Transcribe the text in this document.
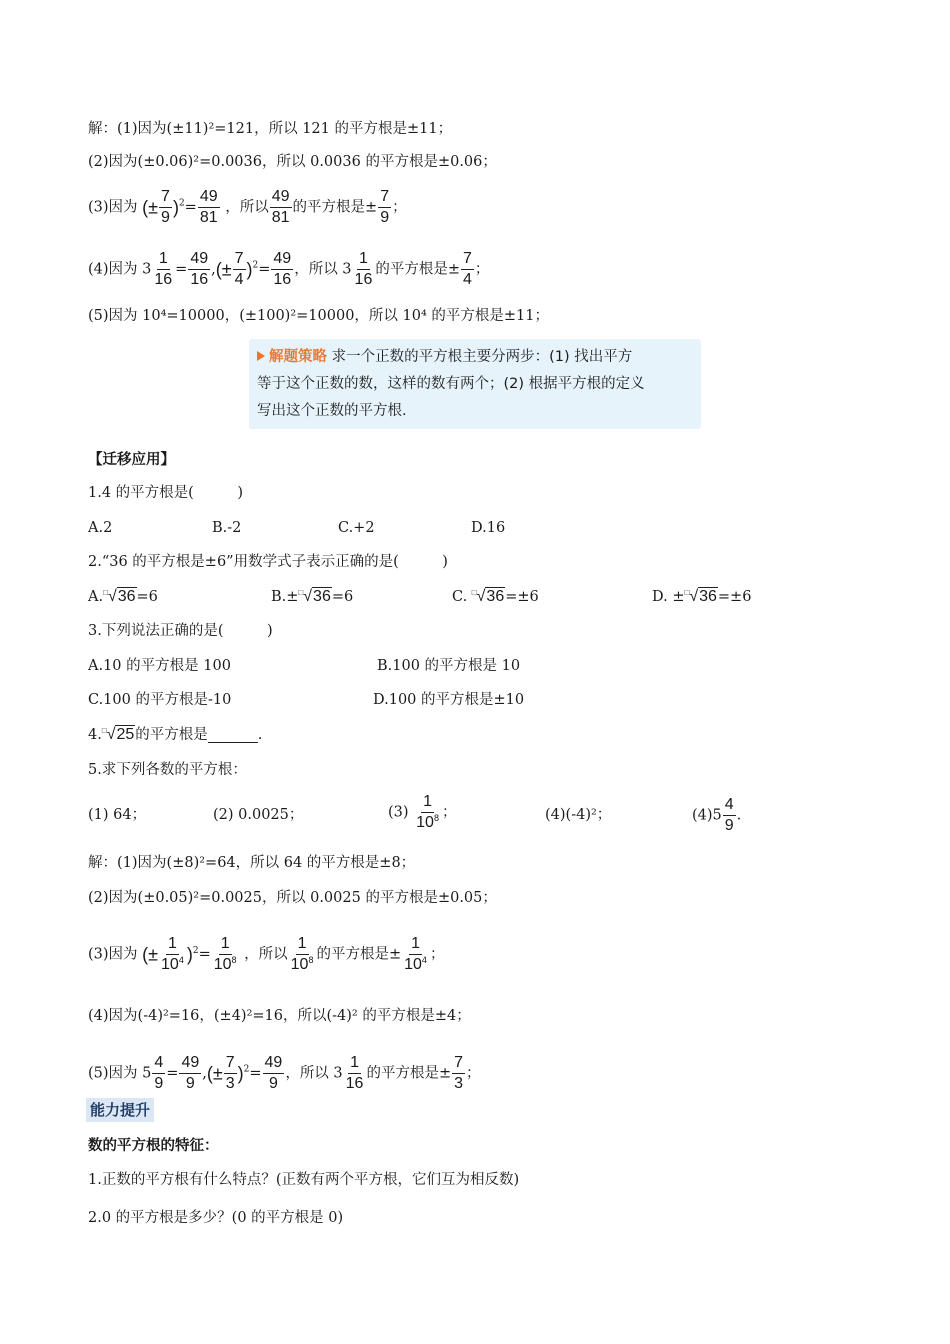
解：(1)因为(±11)²=121，所以 121 的平方根是±11；
(2)因为(±0.06)²=0.0036，所以 0.0036 的平方根是±0.06；
(3)因为 (± $\frac{7}{9} )^2= \frac{49}{81}$ ，所以 $\frac{49}{81}$ 的平方根是± $\frac{7}{9}$ ；
(4)因为 $3 \frac{1}{16} = \frac{49}{16}$ ,(± $\frac{7}{4} )^2= \frac{49}{16}$ ，所以 $3 \frac{1}{16}$ 的平方根是± $\frac{7}{4}$ ；
(5)因为 10⁴=10000，(±100)²=10000，所以 10⁴ 的平方根是±11；
解题策略 求一个正数的平方根主要分两步：(1) 找出平方
等于这个正数的数，这样的数有两个；(2) 根据平方根的定义
写出这个正数的平方根.
【迁移应用】
1.4 的平方根是(　　　)
A.2	B.-2	C.+2	D.16
2.“36 的平方根是±6”用数学式子表示正确的是(　　　)
A.□√36=6	B.±□√36=6	C. □√36=±6	D. ±□√36=±6
3.下列说法正确的是(　　　)
A.10 的平方根是 100	B.100 的平方根是 10
C.100 的平方根是-10	D.100 的平方根是±10
4.□√25的平方根是	.
5.求下列各数的平方根：
(1) 64；	(2) 0.0025；	$(3) \frac{1}{10^8}$ ；	(4)(-4)²；	$(4)5 \frac{4}{9}$ .
解：(1)因为(±8)²=64，所以 64 的平方根是±8；
(2)因为(±0.05)²=0.0025，所以 0.0025 的平方根是±0.05；
(3)因为 (± $\frac{1}{10^4} )^2= \frac{1}{10^8}$ ，所以 $\frac{1}{10^8}$ 的平方根是± $\frac{1}{10^4}$ ；
(4)因为(-4)²=16，(±4)²=16，所以(-4)² 的平方根是±4；
(5)因为 $5 \frac{4}{9} = \frac{49}{9}$ ,(± $\frac{7}{3} )^2= \frac{49}{9}$ ，所以 $3 \frac{1}{16}$ 的平方根是± $\frac{7}{3}$ ；
能力提升
数的平方根的特征：
1.正数的平方根有什么特点？(正数有两个平方根，它们互为相反数)
2.0 的平方根是多少？(0 的平方根是 0)
